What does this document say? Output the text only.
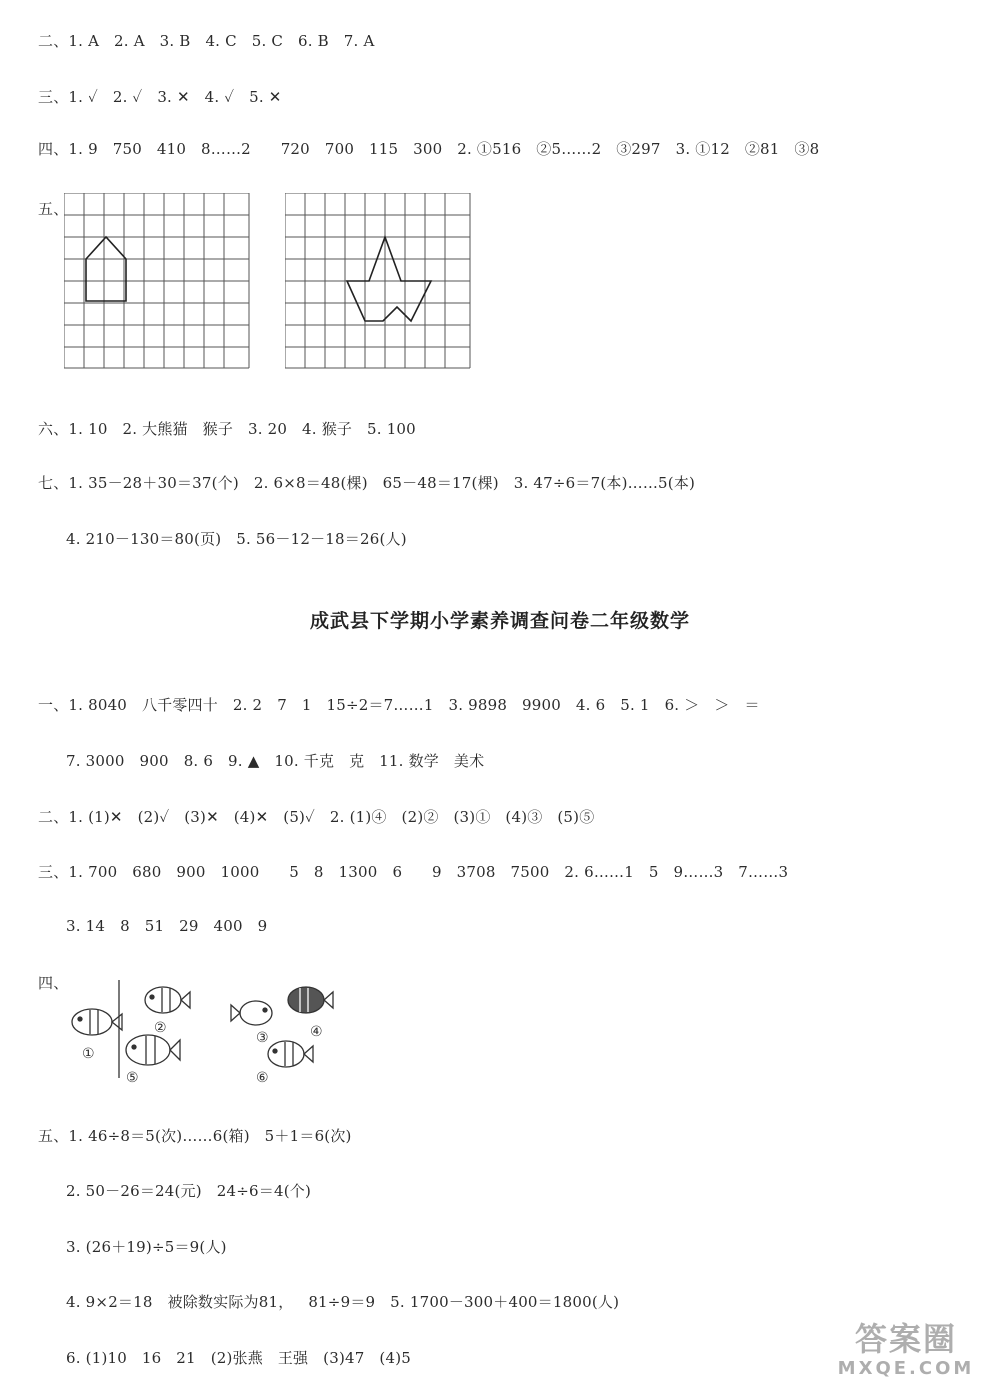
二、1. A   2. A   3. B   4. C   5. C   6. B   7. A
三、1. ✓   2. ✓   3. ✕   4. ✓   5. ✕
四、1. 9   750   410   8……2      720   700   115   300   2. ①516   ②5……2   ③297   3. ①12   ②81   ③8
五、
六、1. 10   2. 大熊猫   猴子   3. 20   4. 猴子   5. 100
七、1. 35－28＋30＝37(个)   2. 6×8＝48(棵)   65－48＝17(棵)   3. 47÷6＝7(本)……5(本)
4. 210－130＝80(页)   5. 56－12－18＝26(人)
成武县下学期小学素养调查问卷二年级数学
一、1. 8040   八千零四十   2. 2   7   1   15÷2＝7……1   3. 9898   9900   4. 6   5. 1   6. ＞   ＞   ＝
7. 3000   900   8. 6   9. ▲   10. 千克   克   11. 数学   美术
二、1. (1)✕   (2)✓   (3)✕   (4)✕   (5)✓   2. (1)④   (2)②   (3)①   (4)③   (5)⑤
三、1. 700   680   900   1000      5   8   1300   6      9   3708   7500   2. 6……1   5   9……3   7……3
3. 14   8   51   29   400   9
四、
①
②
③	④
⑤	⑥
五、1. 46÷8＝5(次)……6(箱)   5＋1＝6(次)
2. 50－26＝24(元)   24÷6＝4(个)
3. (26＋19)÷5＝9(人)
4. 9×2＝18   被除数实际为81，   81÷9＝9   5. 1700－300＋400＝1800(人)
6. (1)10   16   21   (2)张燕   王强   (3)47   (4)5	答案圈
MXQE.COM
